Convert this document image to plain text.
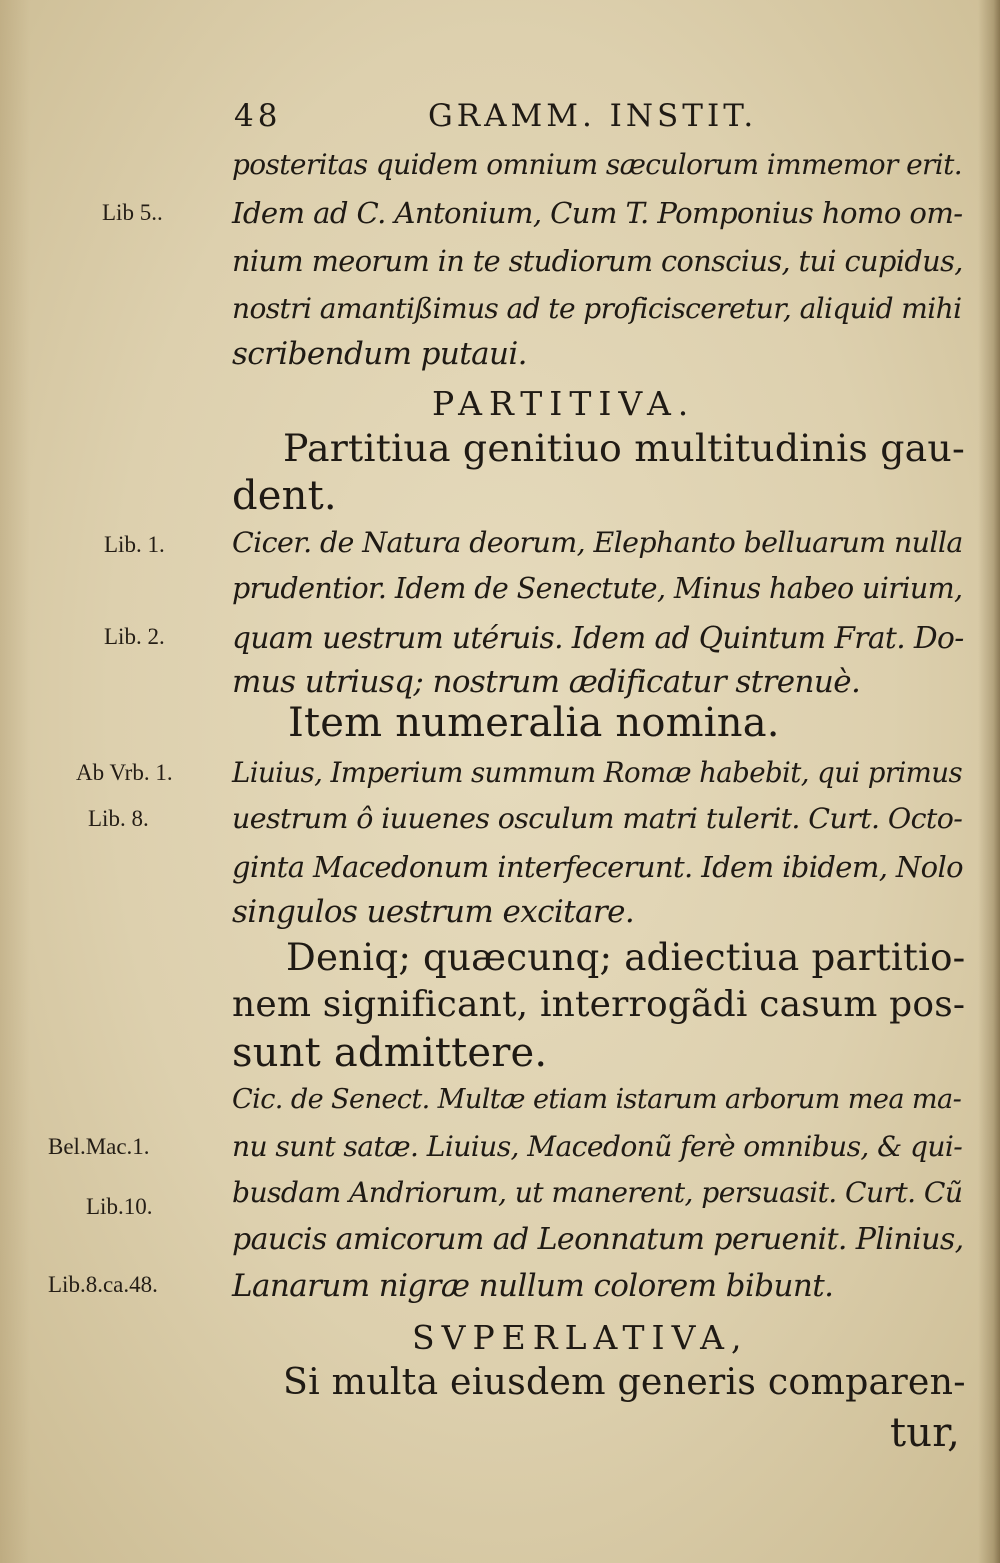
48	GRAMM. INSTIT.
posteritas quidem omnium sæculorum immemor erit.
Idem ad C. Antonium, Cum T. Pomponius homo om-
nium meorum in te studiorum conscius, tui cupidus,
nostri amantißimus ad te proficisceretur, aliquid mihi
scribendum putaui.
PARTITIVA.
Partitiua genitiuo multitudinis gau-
dent.
Cicer. de Natura deorum, Elephanto belluarum nulla
prudentior. Idem de Senectute, Minus habeo uirium,
quam uestrum utéruis. Idem ad Quintum Frat. Do-
mus utriusq; nostrum ædificatur strenuè.
Item numeralia nomina.
Liuius, Imperium summum Romæ habebit, qui primus
uestrum ô iuuenes osculum matri tulerit. Curt. Octo-
ginta Macedonum interfecerunt. Idem ibidem, Nolo
singulos uestrum excitare.
Deniq; quæcunq; adiectiua partitio-
nem significant, interrogãdi casum pos-
sunt admittere.
Cic. de Senect. Multæ etiam istarum arborum mea ma-
nu sunt satæ. Liuius, Macedonũ ferè omnibus, & qui-
busdam Andriorum, ut manerent, persuasit. Curt. Cũ
paucis amicorum ad Leonnatum peruenit. Plinius,
Lanarum nigræ nullum colorem bibunt.
SVPERLATIVA,
Si multa eiusdem generis comparen-
tur,
Lib 5..
Lib. 1.
Lib. 2.
Ab Vrb. 1.
Lib. 8.
Bel.Mac.1.
Lib.10.
Lib.8.ca.48.
